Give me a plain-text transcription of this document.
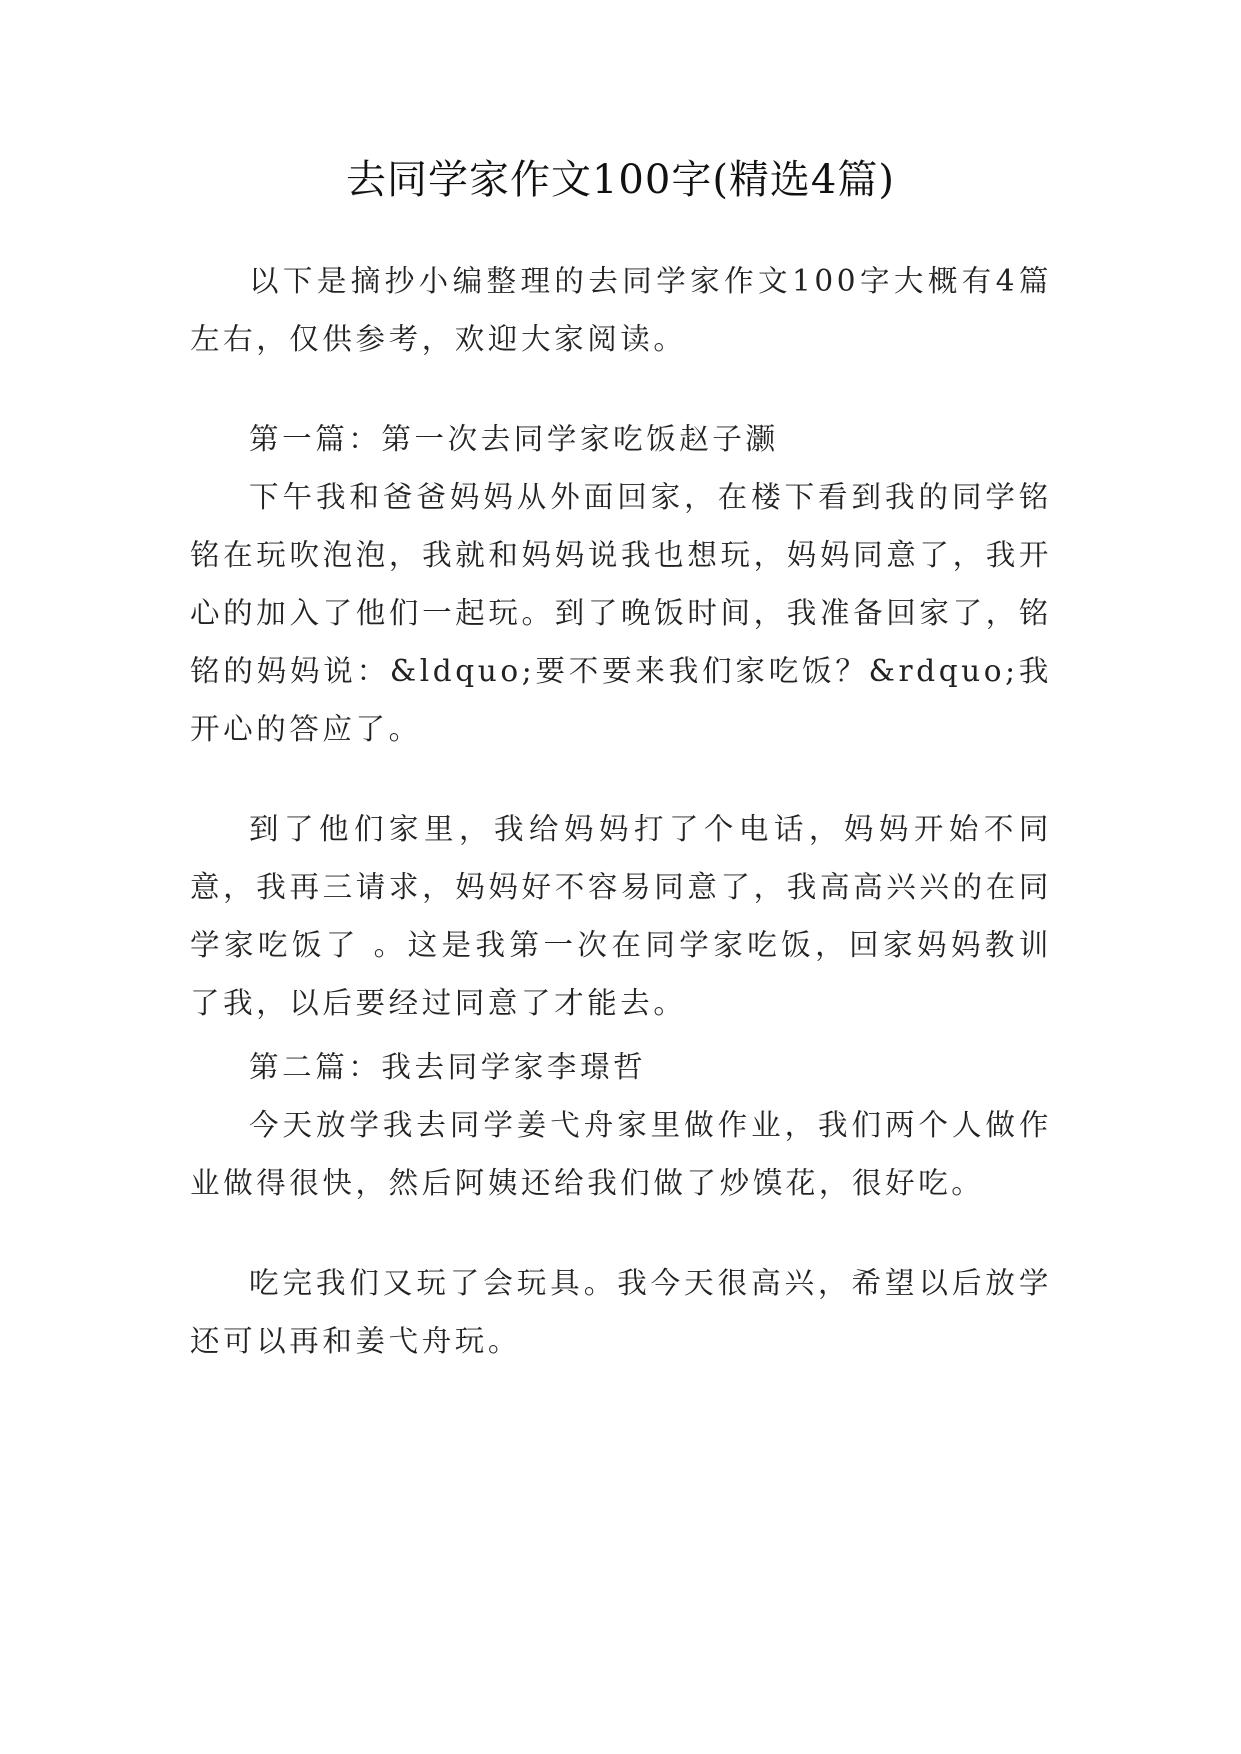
去同学家作文100字(精选4篇)

以下是摘抄小编整理的去同学家作文100字大概有4篇左右，仅供参考，欢迎大家阅读。

第一篇：第一次去同学家吃饭赵子灏

下午我和爸爸妈妈从外面回家，在楼下看到我的同学铭铭在玩吹泡泡，我就和妈妈说我也想玩，妈妈同意了，我开心的加入了他们一起玩。到了晚饭时间，我准备回家了，铭铭的妈妈说：&ldquo;要不要来我们家吃饭？&rdquo;我开心的答应了。

到了他们家里，我给妈妈打了个电话，妈妈开始不同意，我再三请求，妈妈好不容易同意了，我高高兴兴的在同学家吃饭了 。这是我第一次在同学家吃饭，回家妈妈教训了我，以后要经过同意了才能去。

第二篇：我去同学家李璟哲

今天放学我去同学姜弋舟家里做作业，我们两个人做作业做得很快，然后阿姨还给我们做了炒馍花，很好吃。

吃完我们又玩了会玩具。我今天很高兴，希望以后放学还可以再和姜弋舟玩。
